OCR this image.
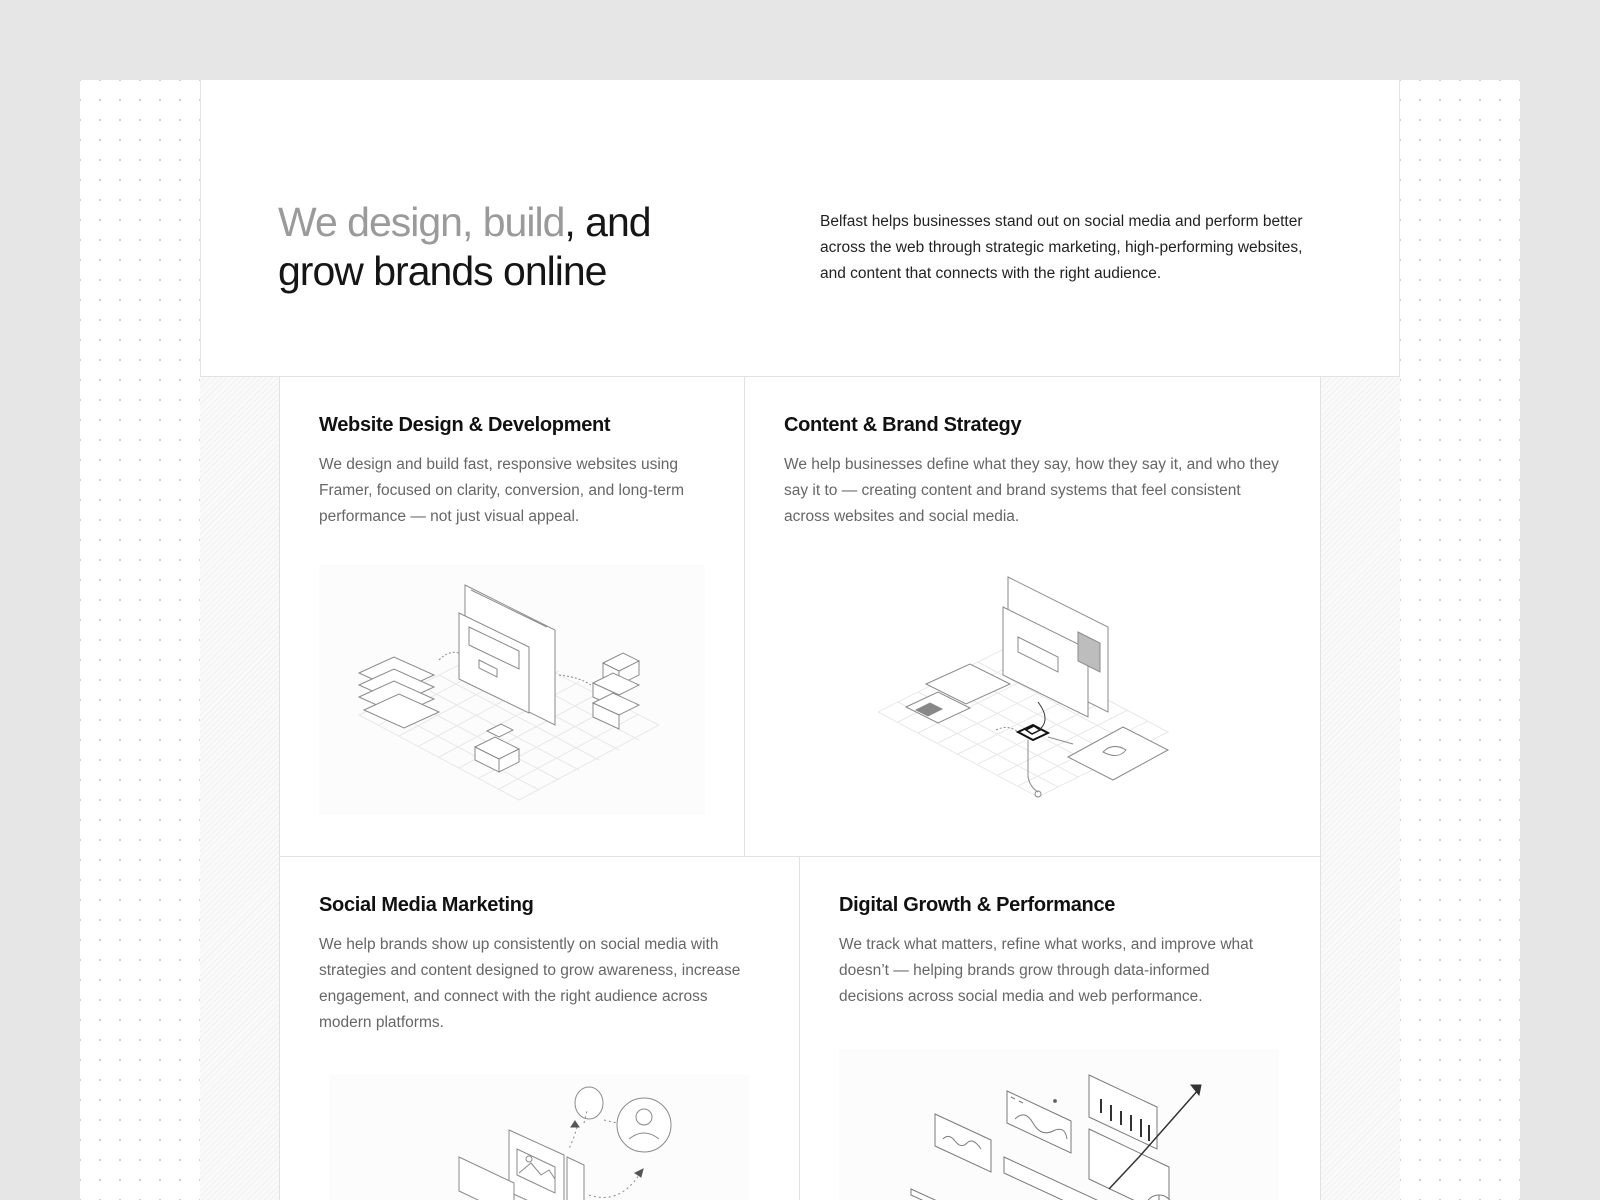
We design, build, and
grow brands online

Belfast helps businesses stand out on social media and perform better across the web through strategic marketing, high-performing websites, and content that connects with the right audience.

Website Design & Development

We design and build fast, responsive websites using Framer, focused on clarity, conversion, and long-term performance — not just visual appeal.

Content & Brand Strategy

We help businesses define what they say, how they say it, and who they say it to — creating content and brand systems that feel consistent across websites and social media.

Social Media Marketing

We help brands show up consistently on social media with strategies and content designed to grow awareness, increase engagement, and connect with the right audience across modern platforms.

Digital Growth & Performance

We track what matters, refine what works, and improve what doesn’t — helping brands grow through data-informed decisions across social media and web performance.
